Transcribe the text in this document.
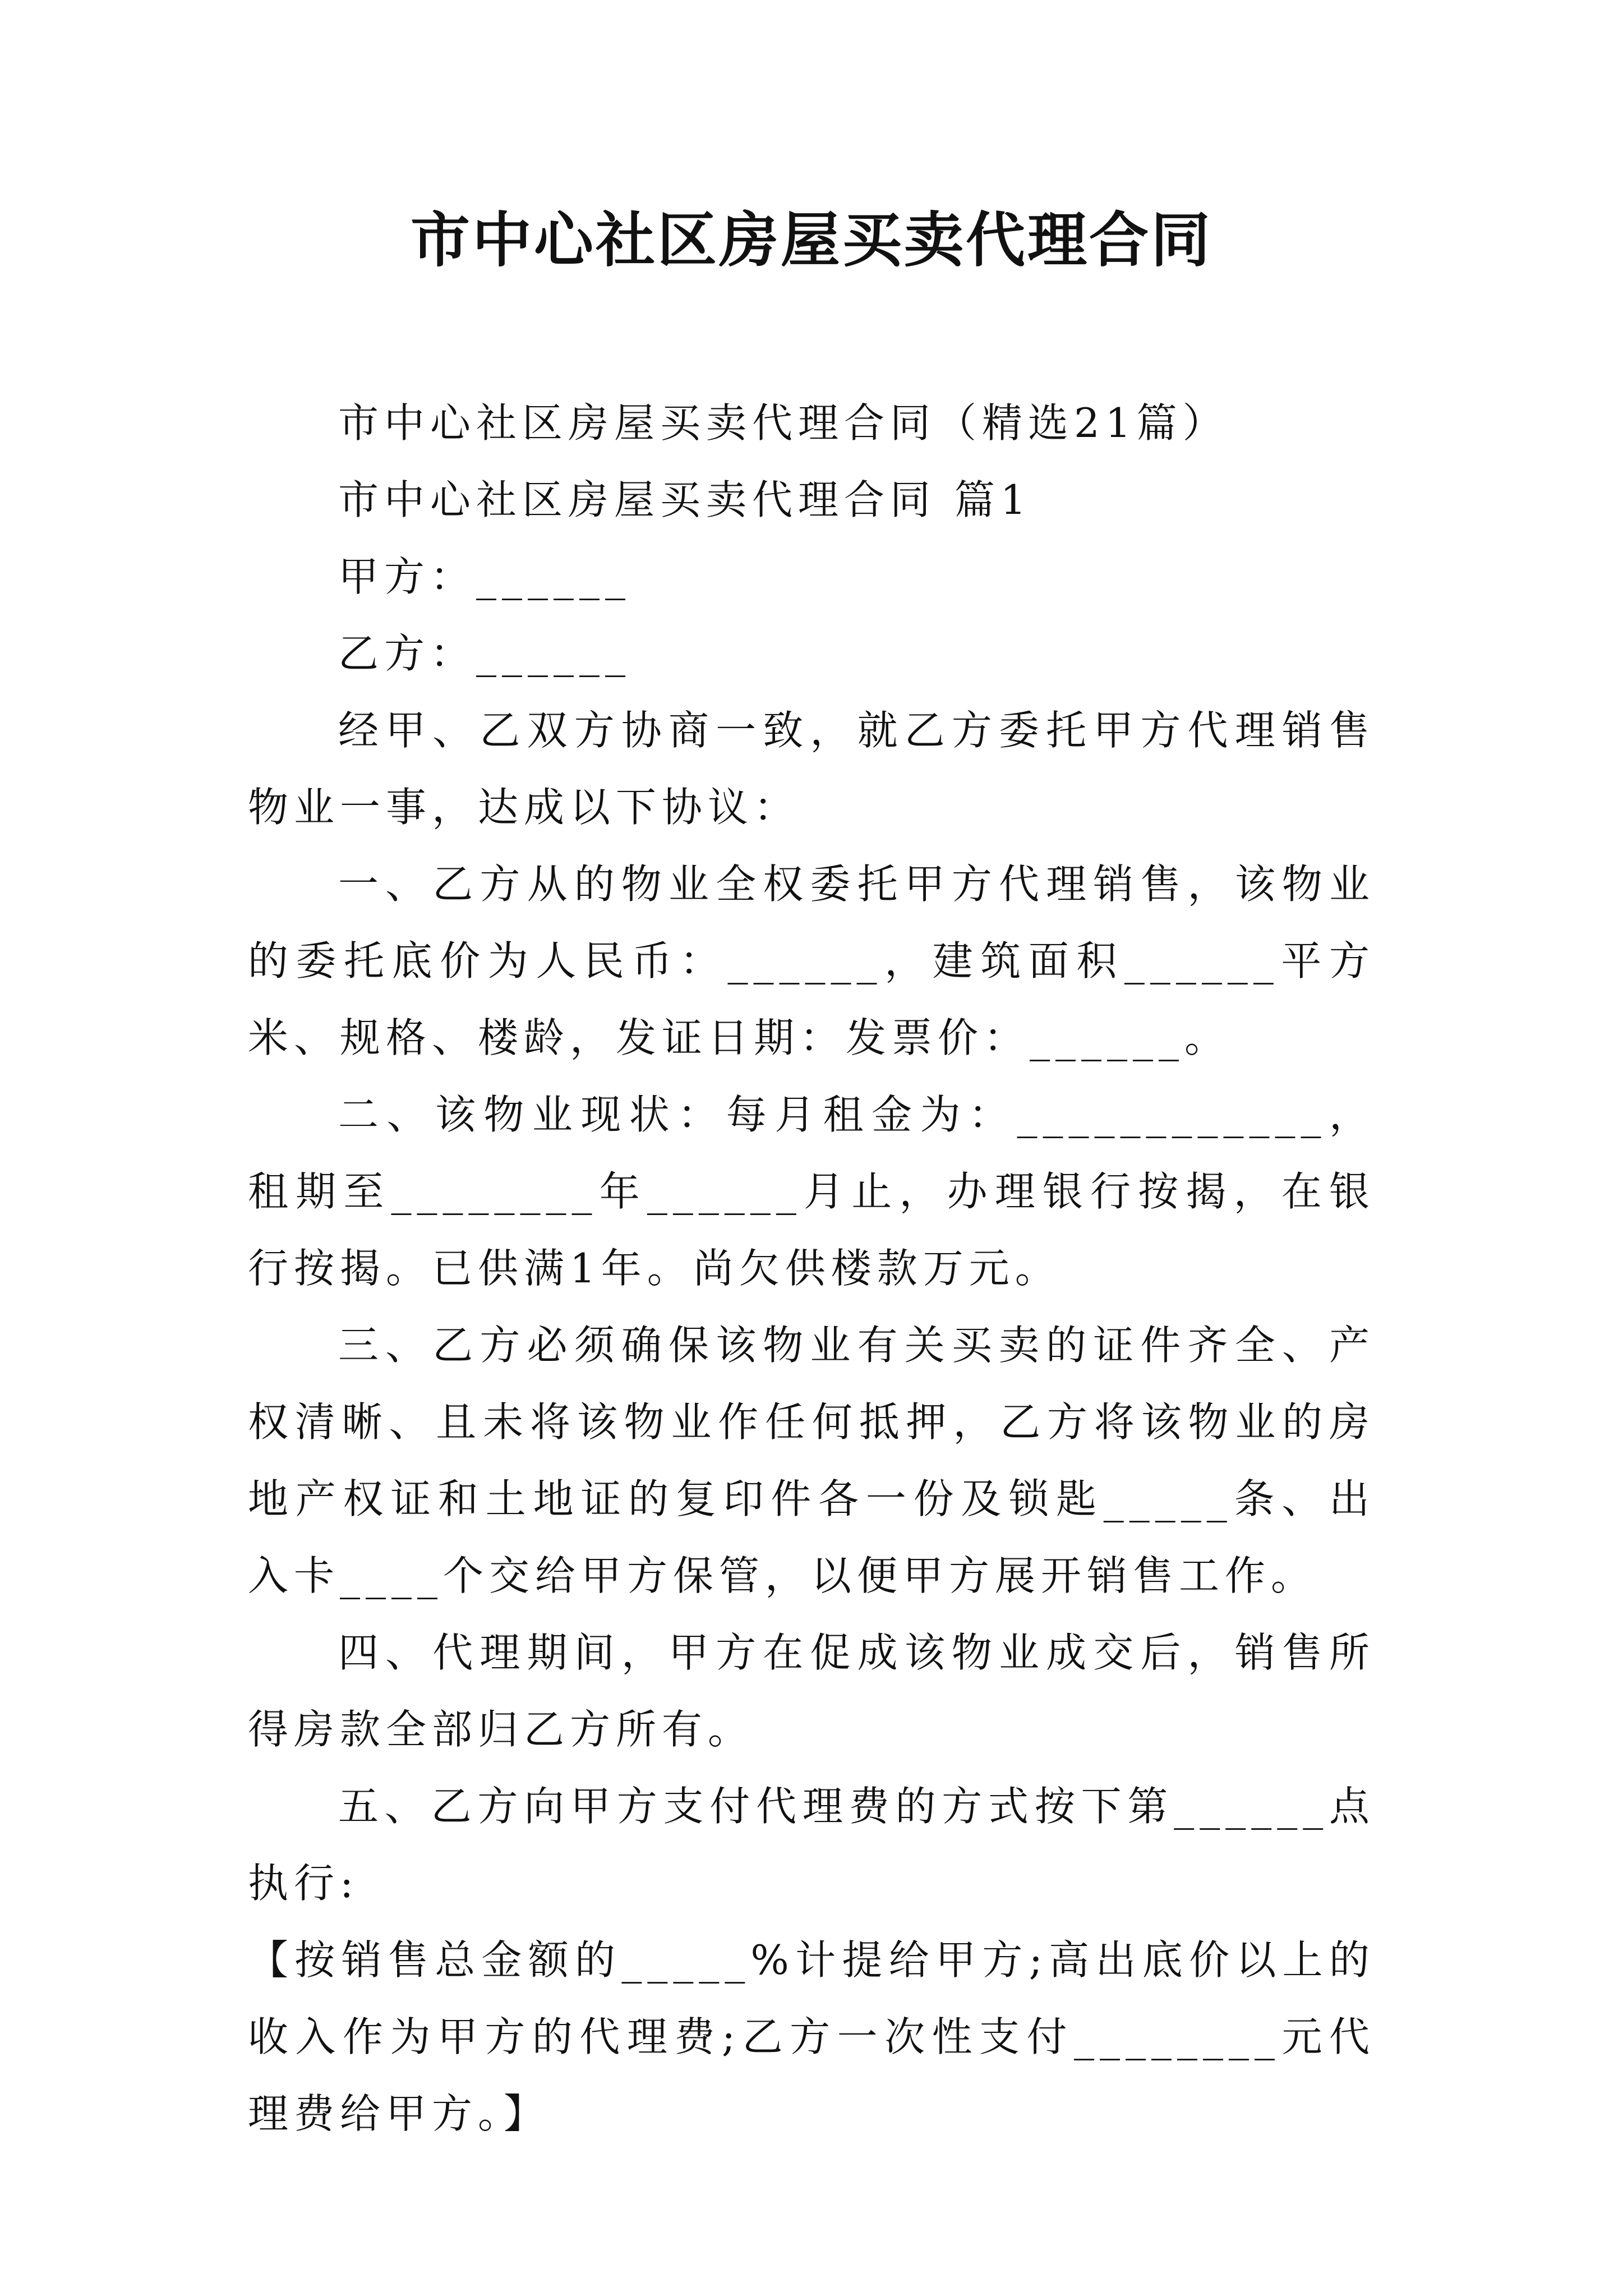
市中心社区房屋买卖代理合同

市中心社区房屋买卖代理合同（精选21篇）

市中心社区房屋买卖代理合同 篇1

甲方：______

乙方：______

经甲、乙双方协商一致，就乙方委托甲方代理销售物业一事，达成以下协议：

一、乙方从的物业全权委托甲方代理销售，该物业的委托底价为人民币：______，建筑面积______平方米、规格、楼龄，发证日期：发票价：______。

二、该物业现状：每月租金为：____________，租期至________年______月止，办理银行按揭，在银行按揭。已供满1年。尚欠供楼款万元。

三、乙方必须确保该物业有关买卖的证件齐全、产权清晰、且未将该物业作任何抵押，乙方将该物业的房地产权证和土地证的复印件各一份及锁匙_____条、出入卡____个交给甲方保管，以便甲方展开销售工作。

四、代理期间，甲方在促成该物业成交后，销售所得房款全部归乙方所有。

五、乙方向甲方支付代理费的方式按下第______点执行:

【按销售总金额的_____%计提给甲方;高出底价以上的收入作为甲方的代理费;乙方一次性支付________元代理费给甲方。】
